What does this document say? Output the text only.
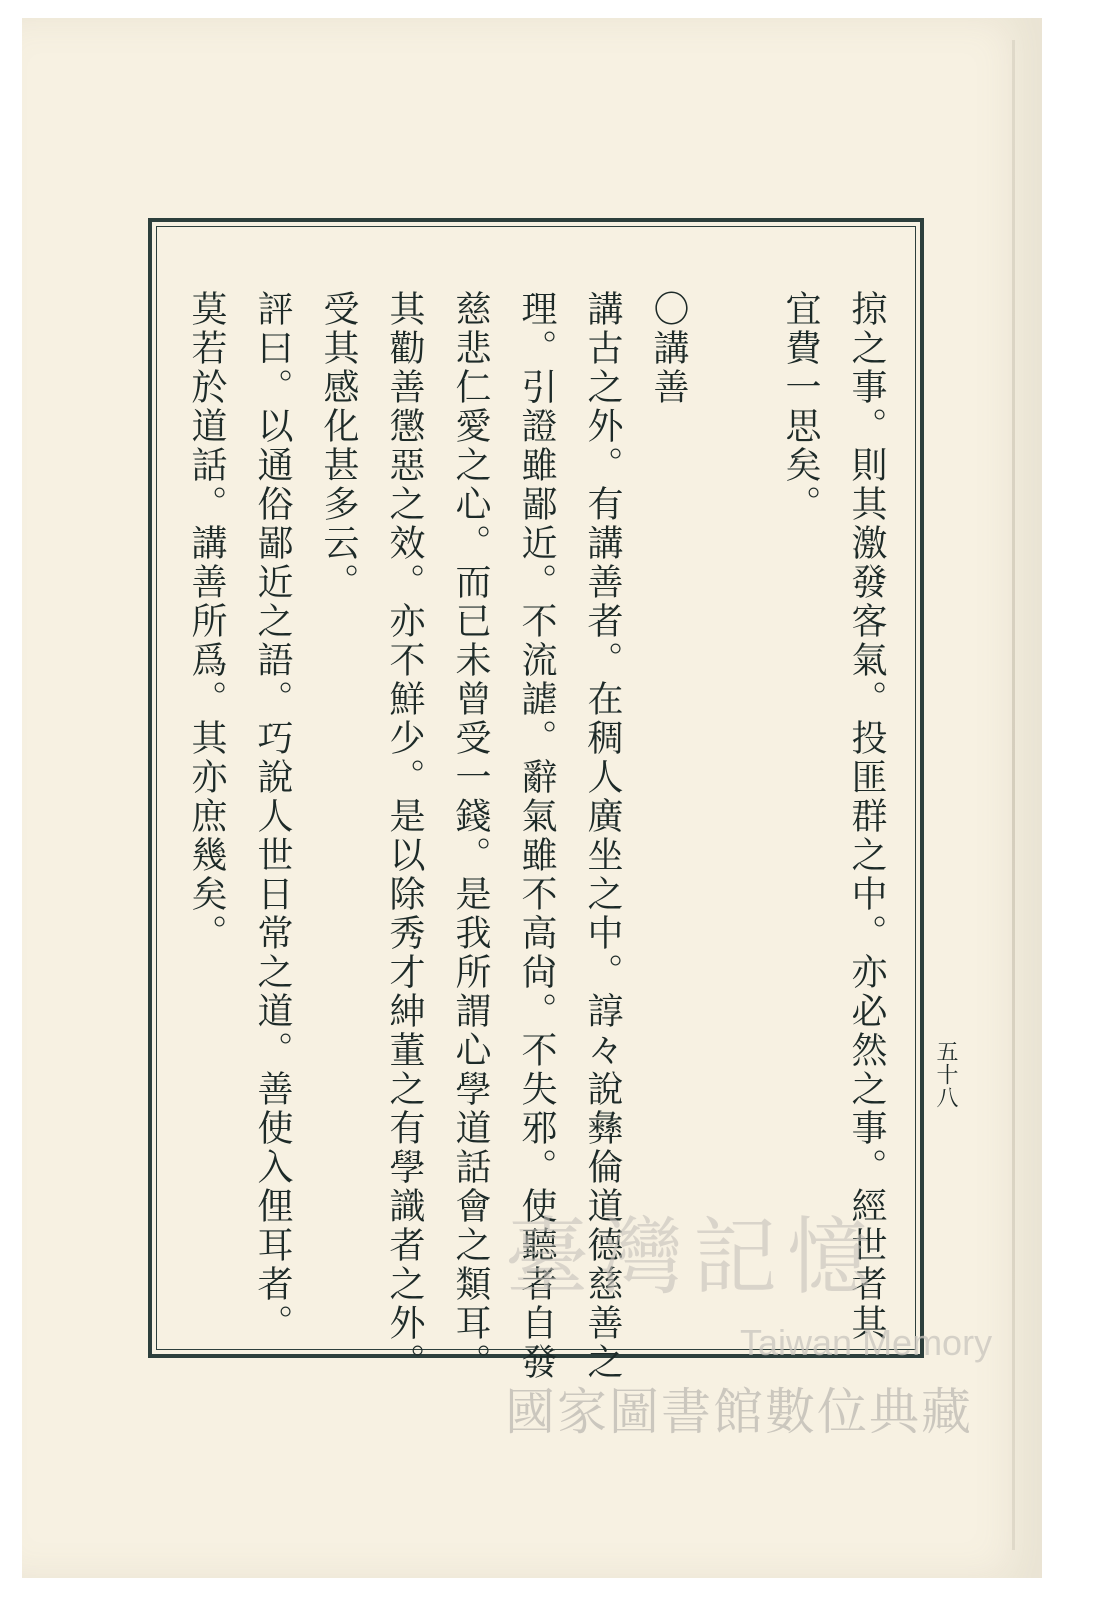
掠之事。則其激發客氣。投匪群之中。亦必然之事。經世者其
宜費一思矣。
〇講善
講古之外。有講善者。在稠人廣坐之中。諄々說彝倫道德慈善之
理。引證雖鄙近。不流謔。辭氣雖不高尙。不失邪。使聽者自發
慈悲仁愛之心。而已未曾受一錢。是我所謂心學道話會之類耳。
其勸善懲惡之效。亦不鮮少。是以除秀才紳董之有學識者之外。
受其感化甚多云。
評曰。以通俗鄙近之語。巧說人世日常之道。善使入俚耳者。
莫若於道話。講善所爲。其亦庶幾矣。
五十八
臺灣記憶
Taiwan Memory
國家圖書館數位典藏
